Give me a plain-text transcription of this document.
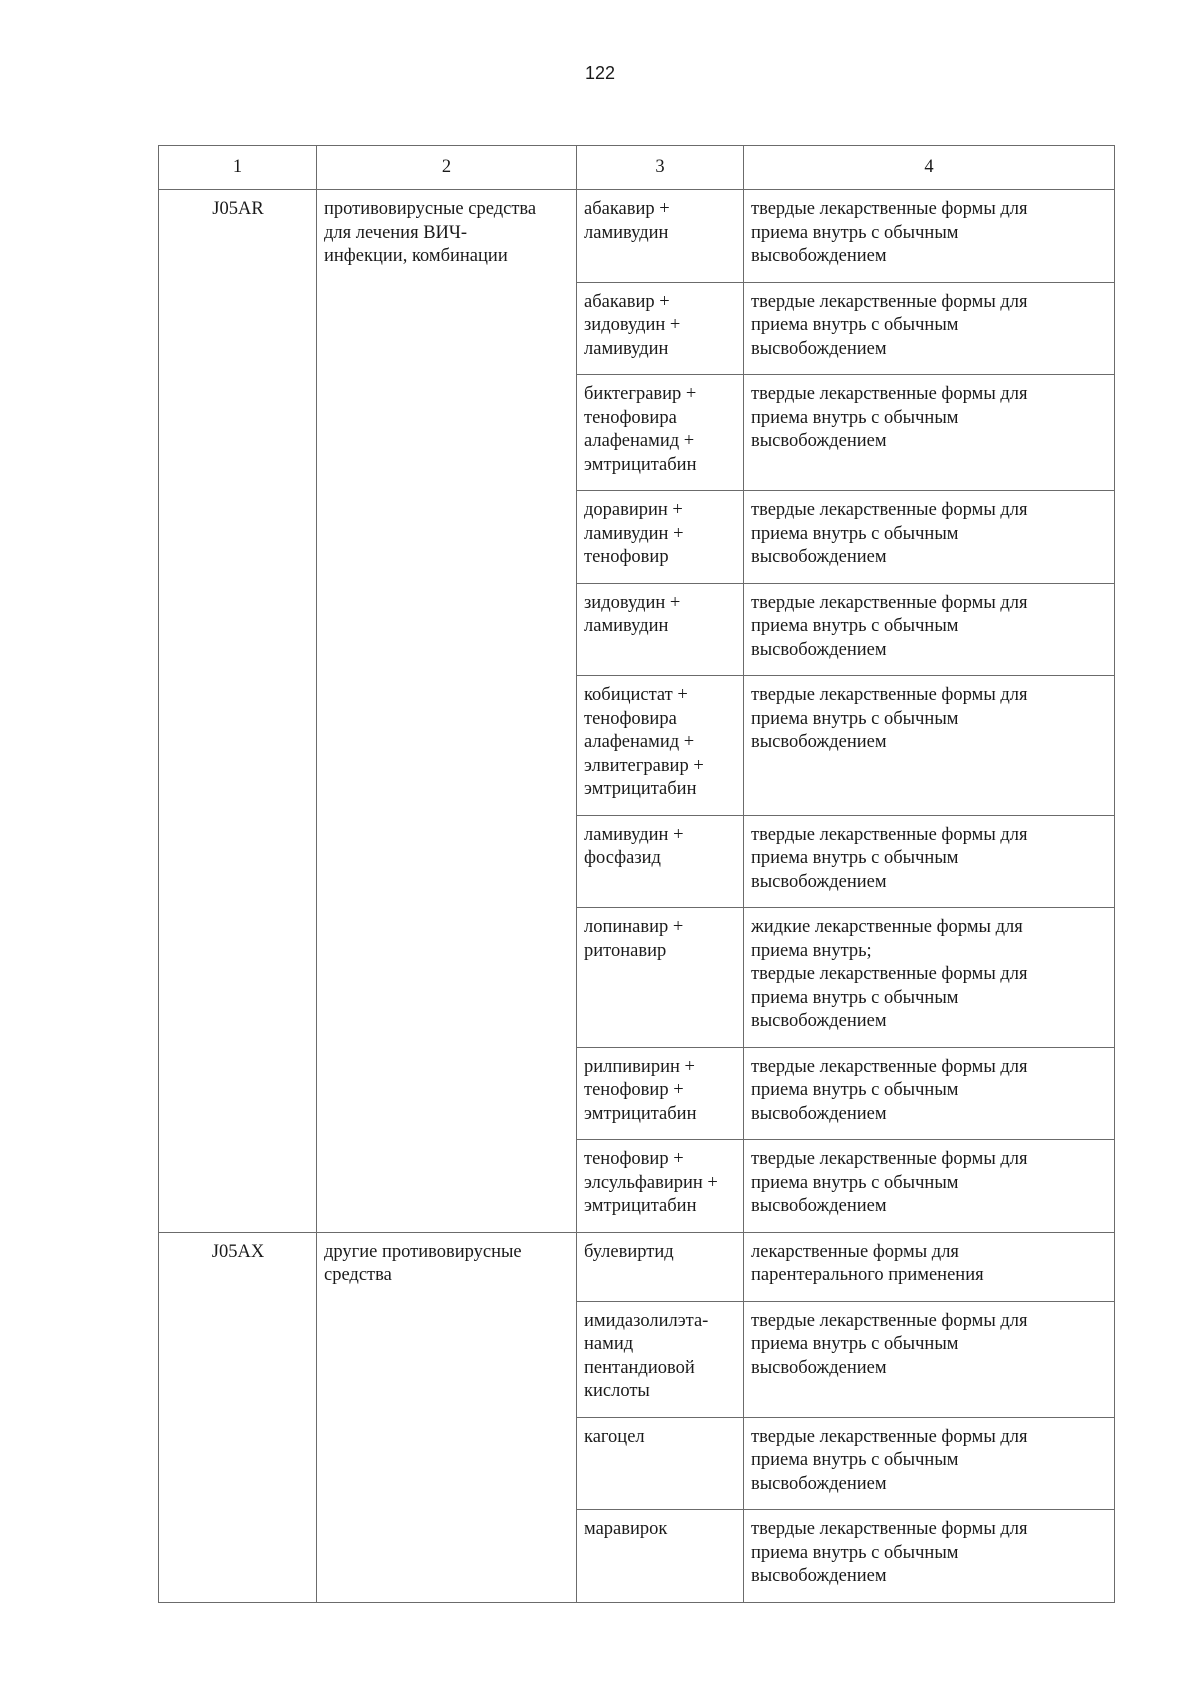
122
1	2	3	4
J05AR	противовирусные средства
для лечения ВИЧ-
инфекции, комбинации	абакавир +
ламивудин	твердые лекарственные формы для
приема внутрь с обычным
высвобождением

		абакавир +
зидовудин +
ламивудин	твердые лекарственные формы для
приема внутрь с обычным
высвобождением

		биктегравир +
тенофовира
алафенамид +
эмтрицитабин	твердые лекарственные формы для
приема внутрь с обычным
высвобождением

		доравирин +
ламивудин +
тенофовир	твердые лекарственные формы для
приема внутрь с обычным
высвобождением

		зидовудин +
ламивудин	твердые лекарственные формы для
приема внутрь с обычным
высвобождением

		кобицистат +
тенофовира
алафенамид +
элвитегравир +
эмтрицитабин	твердые лекарственные формы для
приема внутрь с обычным
высвобождением

		ламивудин +
фосфазид	твердые лекарственные формы для
приема внутрь с обычным
высвобождением

		лопинавир +
ритонавир	жидкие лекарственные формы для
приема внутрь;
твердые лекарственные формы для
приема внутрь с обычным
высвобождением

		рилпивирин +
тенофовир +
эмтрицитабин	твердые лекарственные формы для
приема внутрь с обычным
высвобождением

		тенофовир +
элсульфавирин +
эмтрицитабин	твердые лекарственные формы для
приема внутрь с обычным
высвобождением

J05AX	другие противовирусные
средства	булевиртид	лекарственные формы для
парентерального применения

		имидазолилэта-
намид
пентандиовой
кислоты	твердые лекарственные формы для
приема внутрь с обычным
высвобождением

		кагоцел	твердые лекарственные формы для
приема внутрь с обычным
высвобождением

		маравирок	твердые лекарственные формы для
приема внутрь с обычным
высвобождением
